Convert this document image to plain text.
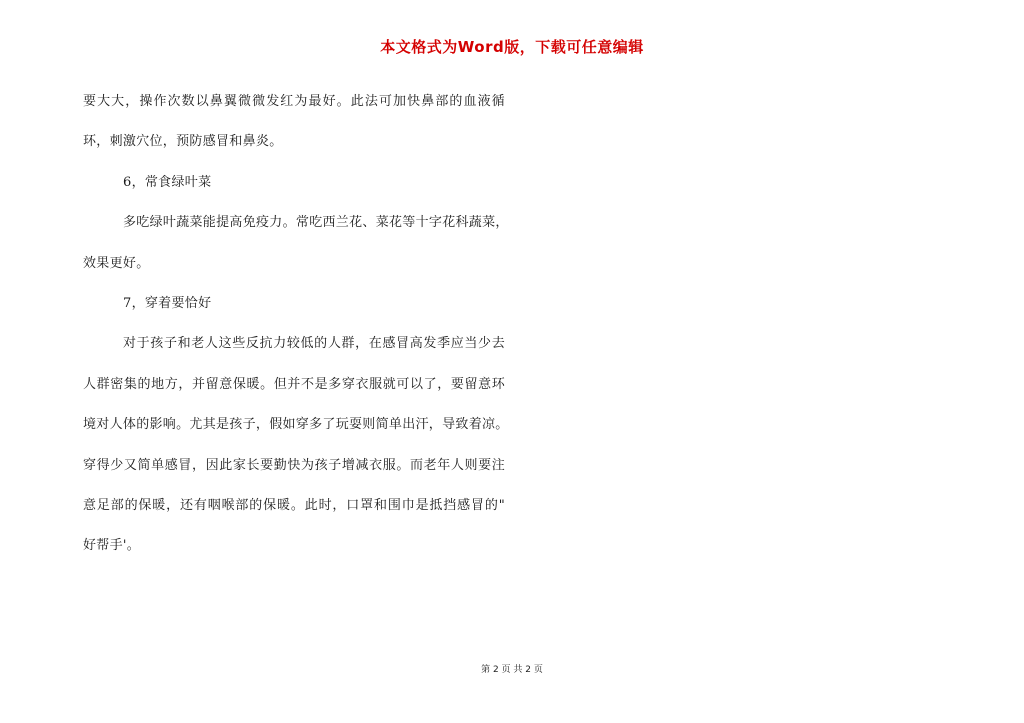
本文格式为Word版，下载可任意编辑

要大大，操作次数以鼻翼微微发红为最好。此法可加快鼻部的血液循

环，刺激穴位，预防感冒和鼻炎。

6，常食绿叶菜

多吃绿叶蔬菜能提高免疫力。常吃西兰花、菜花等十字花科蔬菜，

效果更好。

7，穿着要恰好

对于孩子和老人这些反抗力较低的人群，在感冒高发季应当少去

人群密集的地方，并留意保暖。但并不是多穿衣服就可以了，要留意环

境对人体的影响。尤其是孩子，假如穿多了玩耍则简单出汗，导致着凉。

穿得少又简单感冒，因此家长要勤快为孩子增减衣服。而老年人则要注

意足部的保暖，还有咽喉部的保暖。此时，口罩和围巾是抵挡感冒的"

好帮手'。

第 2 页 共 2 页
